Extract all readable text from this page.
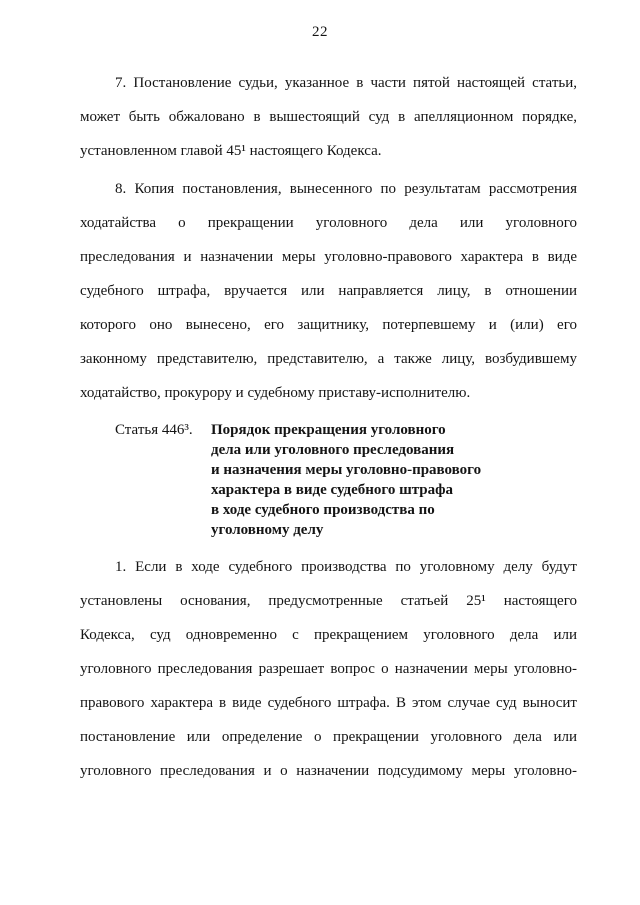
22
7. Постановление судьи, указанное в части пятой настоящей статьи,
может быть обжаловано в вышестоящий суд в апелляционном порядке,
установленном главой 45¹ настоящего Кодекса.
8. Копия постановления, вынесенного по результатам рассмотрения
ходатайства о прекращении уголовного дела или уголовного
преследования и назначении меры уголовно-правового характера в виде
судебного штрафа, вручается или направляется лицу, в отношении
которого оно вынесено, его защитнику, потерпевшему и (или) его
законному представителю, представителю, а также лицу, возбудившему
ходатайство, прокурору и судебному приставу-исполнителю.
Статья 446³.	Порядок прекращения уголовного
дела или уголовного преследования
и назначения меры уголовно-правового
характера в виде судебного штрафа
в ходе судебного производства по
уголовному делу
1. Если в ходе судебного производства по уголовному делу будут
установлены основания, предусмотренные статьей 25¹ настоящего
Кодекса, суд одновременно с прекращением уголовного дела или
уголовного преследования разрешает вопрос о назначении меры уголовно-
правового характера в виде судебного штрафа. В этом случае суд выносит
постановление или определение о прекращении уголовного дела или
уголовного преследования и о назначении подсудимому меры уголовно-
